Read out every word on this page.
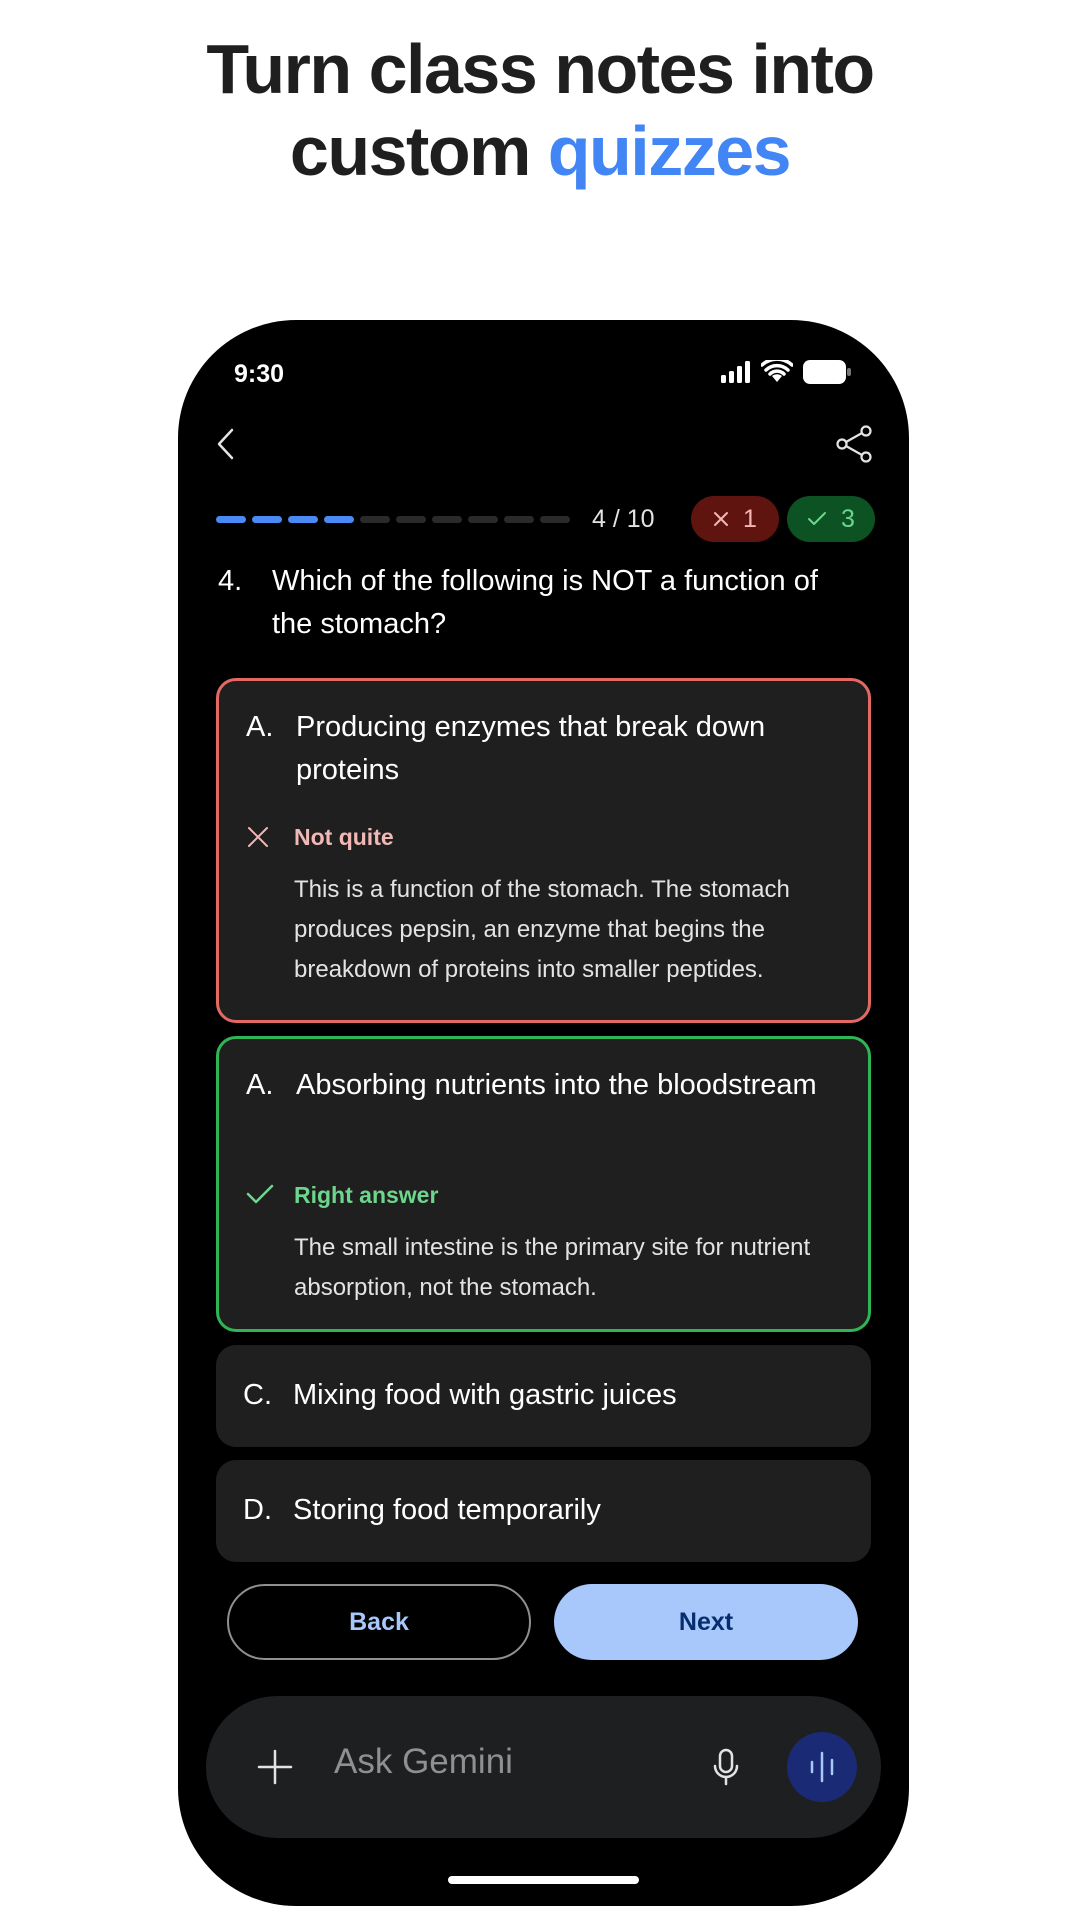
Turn class notes into
custom quizzes
9:30
4 / 10	1	3
4.	Which of the following is NOT a function of the stomach?
A. Producing enzymes that break down proteins
Not quite
This is a function of the stomach. The stomach produces pepsin, an enzyme that begins the breakdown of proteins into smaller peptides.
A. Absorbing nutrients into the bloodstream
Right answer
The small intestine is the primary site for nutrient absorption, not the stomach.
C. Mixing food with gastric juices
D. Storing food temporarily
Back	Next
Ask Gemini
